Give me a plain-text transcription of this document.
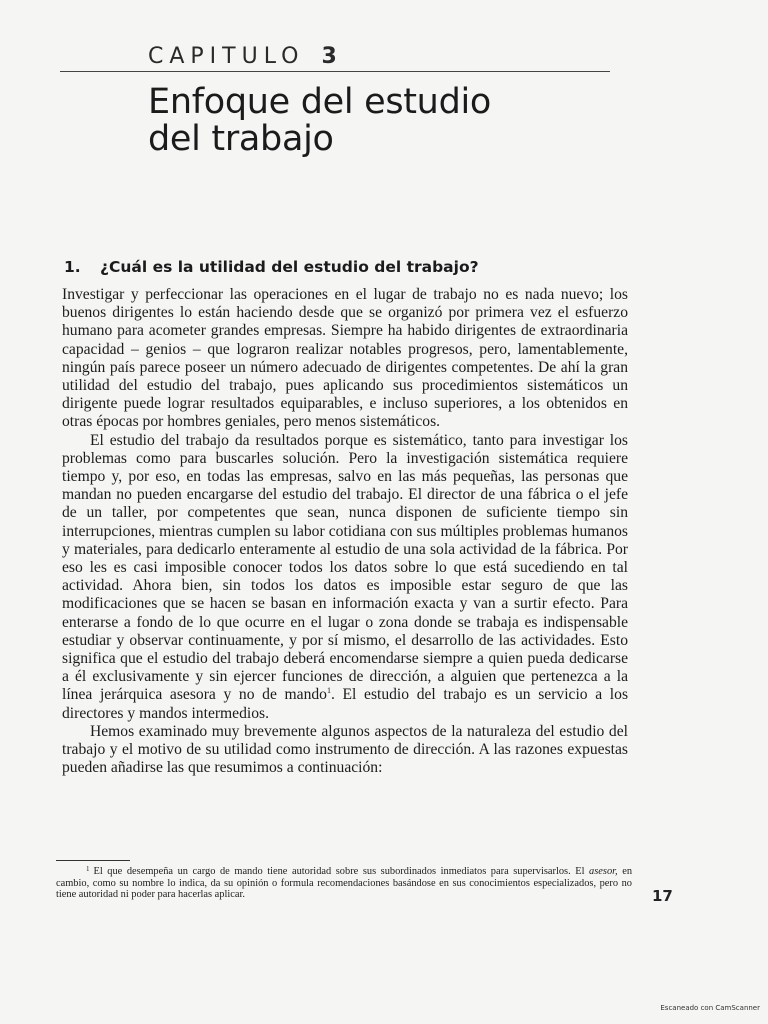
CAPITULO 3
Enfoque del estudio
del trabajo
1. ¿Cuál es la utilidad del estudio del trabajo?

Investigar y perfeccionar las operaciones en el lugar de trabajo no es nada nuevo; los buenos dirigentes lo están haciendo desde que se organizó por primera vez el esfuerzo humano para acometer grandes empresas. Siempre ha habido dirigentes de extraordinaria capacidad – genios – que lograron realizar notables progresos, pero, lamentablemente, ningún país parece poseer un número adecuado de dirigentes competentes. De ahí la gran utilidad del estudio del trabajo, pues aplicando sus procedimientos sistemáticos un dirigente puede lograr resultados equiparables, e incluso superiores, a los obtenidos en otras épocas por hombres geniales, pero menos sistemáticos.

El estudio del trabajo da resultados porque es sistemático, tanto para investigar los problemas como para buscarles solución. Pero la investigación sistemática requiere tiempo y, por eso, en todas las empresas, salvo en las más pequeñas, las personas que mandan no pueden encargarse del estudio del trabajo. El director de una fábrica o el jefe de un taller, por competentes que sean, nunca disponen de suficiente tiempo sin interrupciones, mientras cumplen su labor cotidiana con sus múltiples problemas humanos y materiales, para dedicarlo enteramente al estudio de una sola actividad de la fábrica. Por eso les es casi imposible conocer todos los datos sobre lo que está sucediendo en tal actividad. Ahora bien, sin todos los datos es imposible estar seguro de que las modificaciones que se hacen se basan en información exacta y van a surtir efecto. Para enterarse a fondo de lo que ocurre en el lugar o zona donde se trabaja es indispensable estudiar y observar continuamente, y por sí mismo, el desarrollo de las actividades. Esto significa que el estudio del trabajo deberá encomendarse siempre a quien pueda dedicarse a él exclusivamente y sin ejercer funciones de dirección, a alguien que pertenezca a la línea jerárquica asesora y no de mando$^1$. El estudio del trabajo es un servicio a los directores y mandos intermedios.

Hemos examinado muy brevemente algunos aspectos de la naturaleza del estudio del trabajo y el motivo de su utilidad como instrumento de dirección. A las razones expuestas pueden añadirse las que resumimos a continuación:

$^1$ El que desempeña un cargo de mando tiene autoridad sobre sus subordinados inmediatos para supervisarlos. El asesor, en cambio, como su nombre lo indica, da su opinión o formula recomendaciones basándose en sus conocimientos especializados, pero no tiene autoridad ni poder para hacerlas aplicar.	17
Escaneado con CamScanner
